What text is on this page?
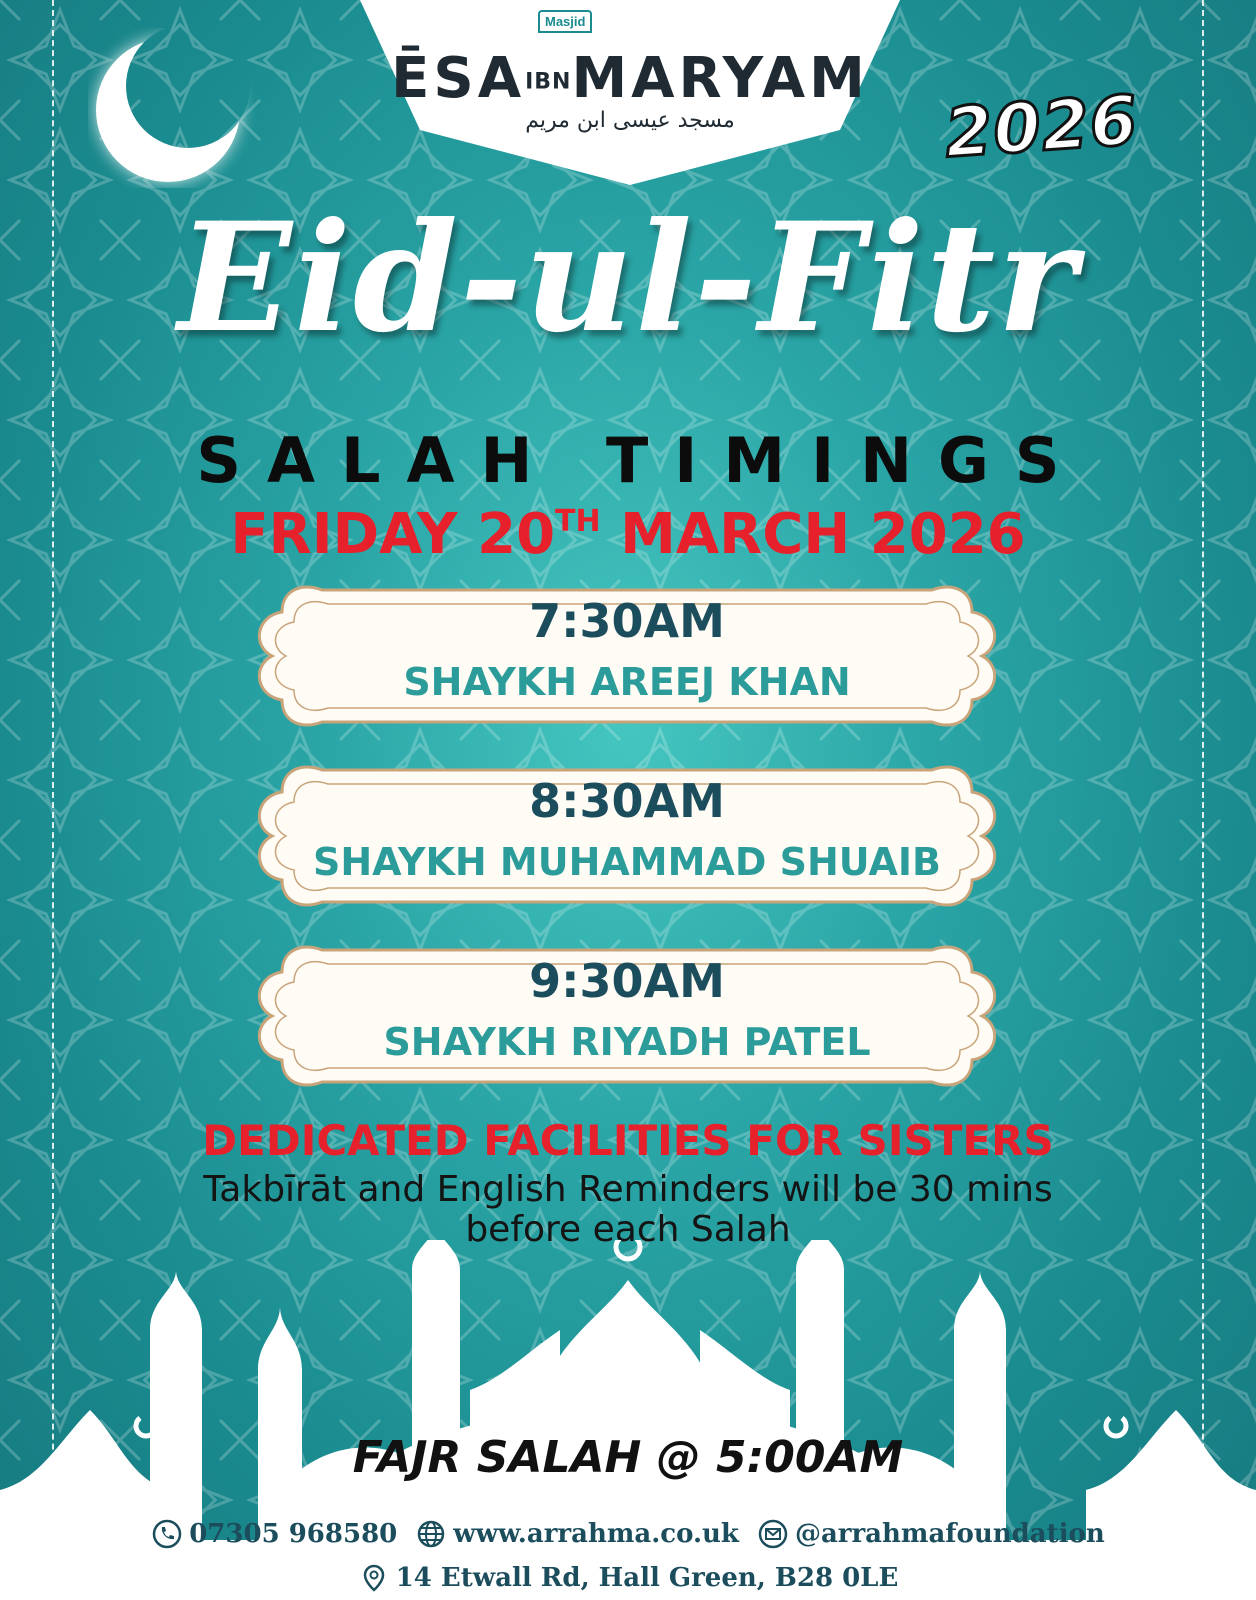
Masjid
ĒSAIBNMARYAM
مسجد عيسى ابن مريم	2026
Eid-ul-Fitr
SALAH TIMINGS
FRIDAY 20TH MARCH 2026
7:30AM
SHAYKH AREEJ KHAN
8:30AM
SHAYKH MUHAMMAD SHUAIB
9:30AM
SHAYKH RIYADH PATEL
DEDICATED FACILITIES FOR SISTERS
Takbīrāt and English Reminders will be 30 mins before each Salah
FAJR SALAH @ 5:00AM
07305 968580 www.arrahma.co.uk @arrahmafoundation
14 Etwall Rd, Hall Green, B28 0LE
